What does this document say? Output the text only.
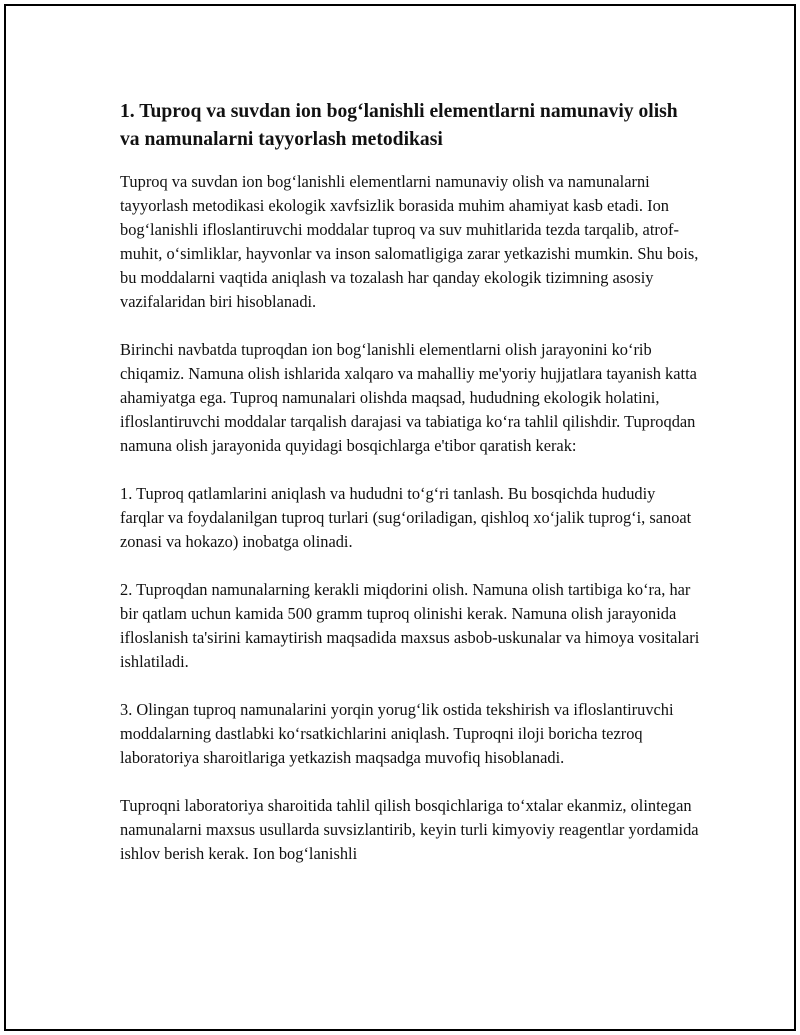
1. Tuproq va suvdan ion bog‘lanishli elementlarni namunaviy olish va namunalarni tayyorlash metodikasi

Tuproq va suvdan ion bog‘lanishli elementlarni namunaviy olish va namunalarni tayyorlash metodikasi ekologik xavfsizlik borasida muhim ahamiyat kasb etadi. Ion bog‘lanishli ifloslantiruvchi moddalar tuproq va suv muhitlarida tezda tarqalib, atrof-muhit, o‘simliklar, hayvonlar va inson salomatligiga zarar yetkazishi mumkin. Shu bois, bu moddalarni vaqtida aniqlash va tozalash har qanday ekologik tizimning asosiy vazifalaridan biri hisoblanadi.

Birinchi navbatda tuproqdan ion bog‘lanishli elementlarni olish jarayonini ko‘rib chiqamiz. Namuna olish ishlarida xalqaro va mahalliy me'yoriy hujjatlara tayanish katta ahamiyatga ega. Tuproq namunalari olishda maqsad, hududning ekologik holatini, ifloslantiruvchi moddalar tarqalish darajasi va tabiatiga ko‘ra tahlil qilishdir. Tuproqdan namuna olish jarayonida quyidagi bosqichlarga e'tibor qaratish kerak:

1. Tuproq qatlamlarini aniqlash va hududni to‘g‘ri tanlash. Bu bosqichda hududiy farqlar va foydalanilgan tuproq turlari (sug‘oriladigan, qishloq xo‘jalik tuprog‘i, sanoat zonasi va hokazo) inobatga olinadi.

2. Tuproqdan namunalarning kerakli miqdorini olish. Namuna olish tartibiga ko‘ra, har bir qatlam uchun kamida 500 gramm tuproq olinishi kerak. Namuna olish jarayonida ifloslanish ta'sirini kamaytirish maqsadida maxsus asbob-uskunalar va himoya vositalari ishlatiladi.

3. Olingan tuproq namunalarini yorqin yorug‘lik ostida tekshirish va ifloslantiruvchi moddalarning dastlabki ko‘rsatkichlarini aniqlash. Tuproqni iloji boricha tezroq laboratoriya sharoitlariga yetkazish maqsadga muvofiq hisoblanadi.

Tuproqni laboratoriya sharoitida tahlil qilish bosqichlariga to‘xtalar ekanmiz, olintegan namunalarni maxsus usullarda suvsizlantirib, keyin turli kimyoviy reagentlar yordamida ishlov berish kerak. Ion bog‘lanishli
